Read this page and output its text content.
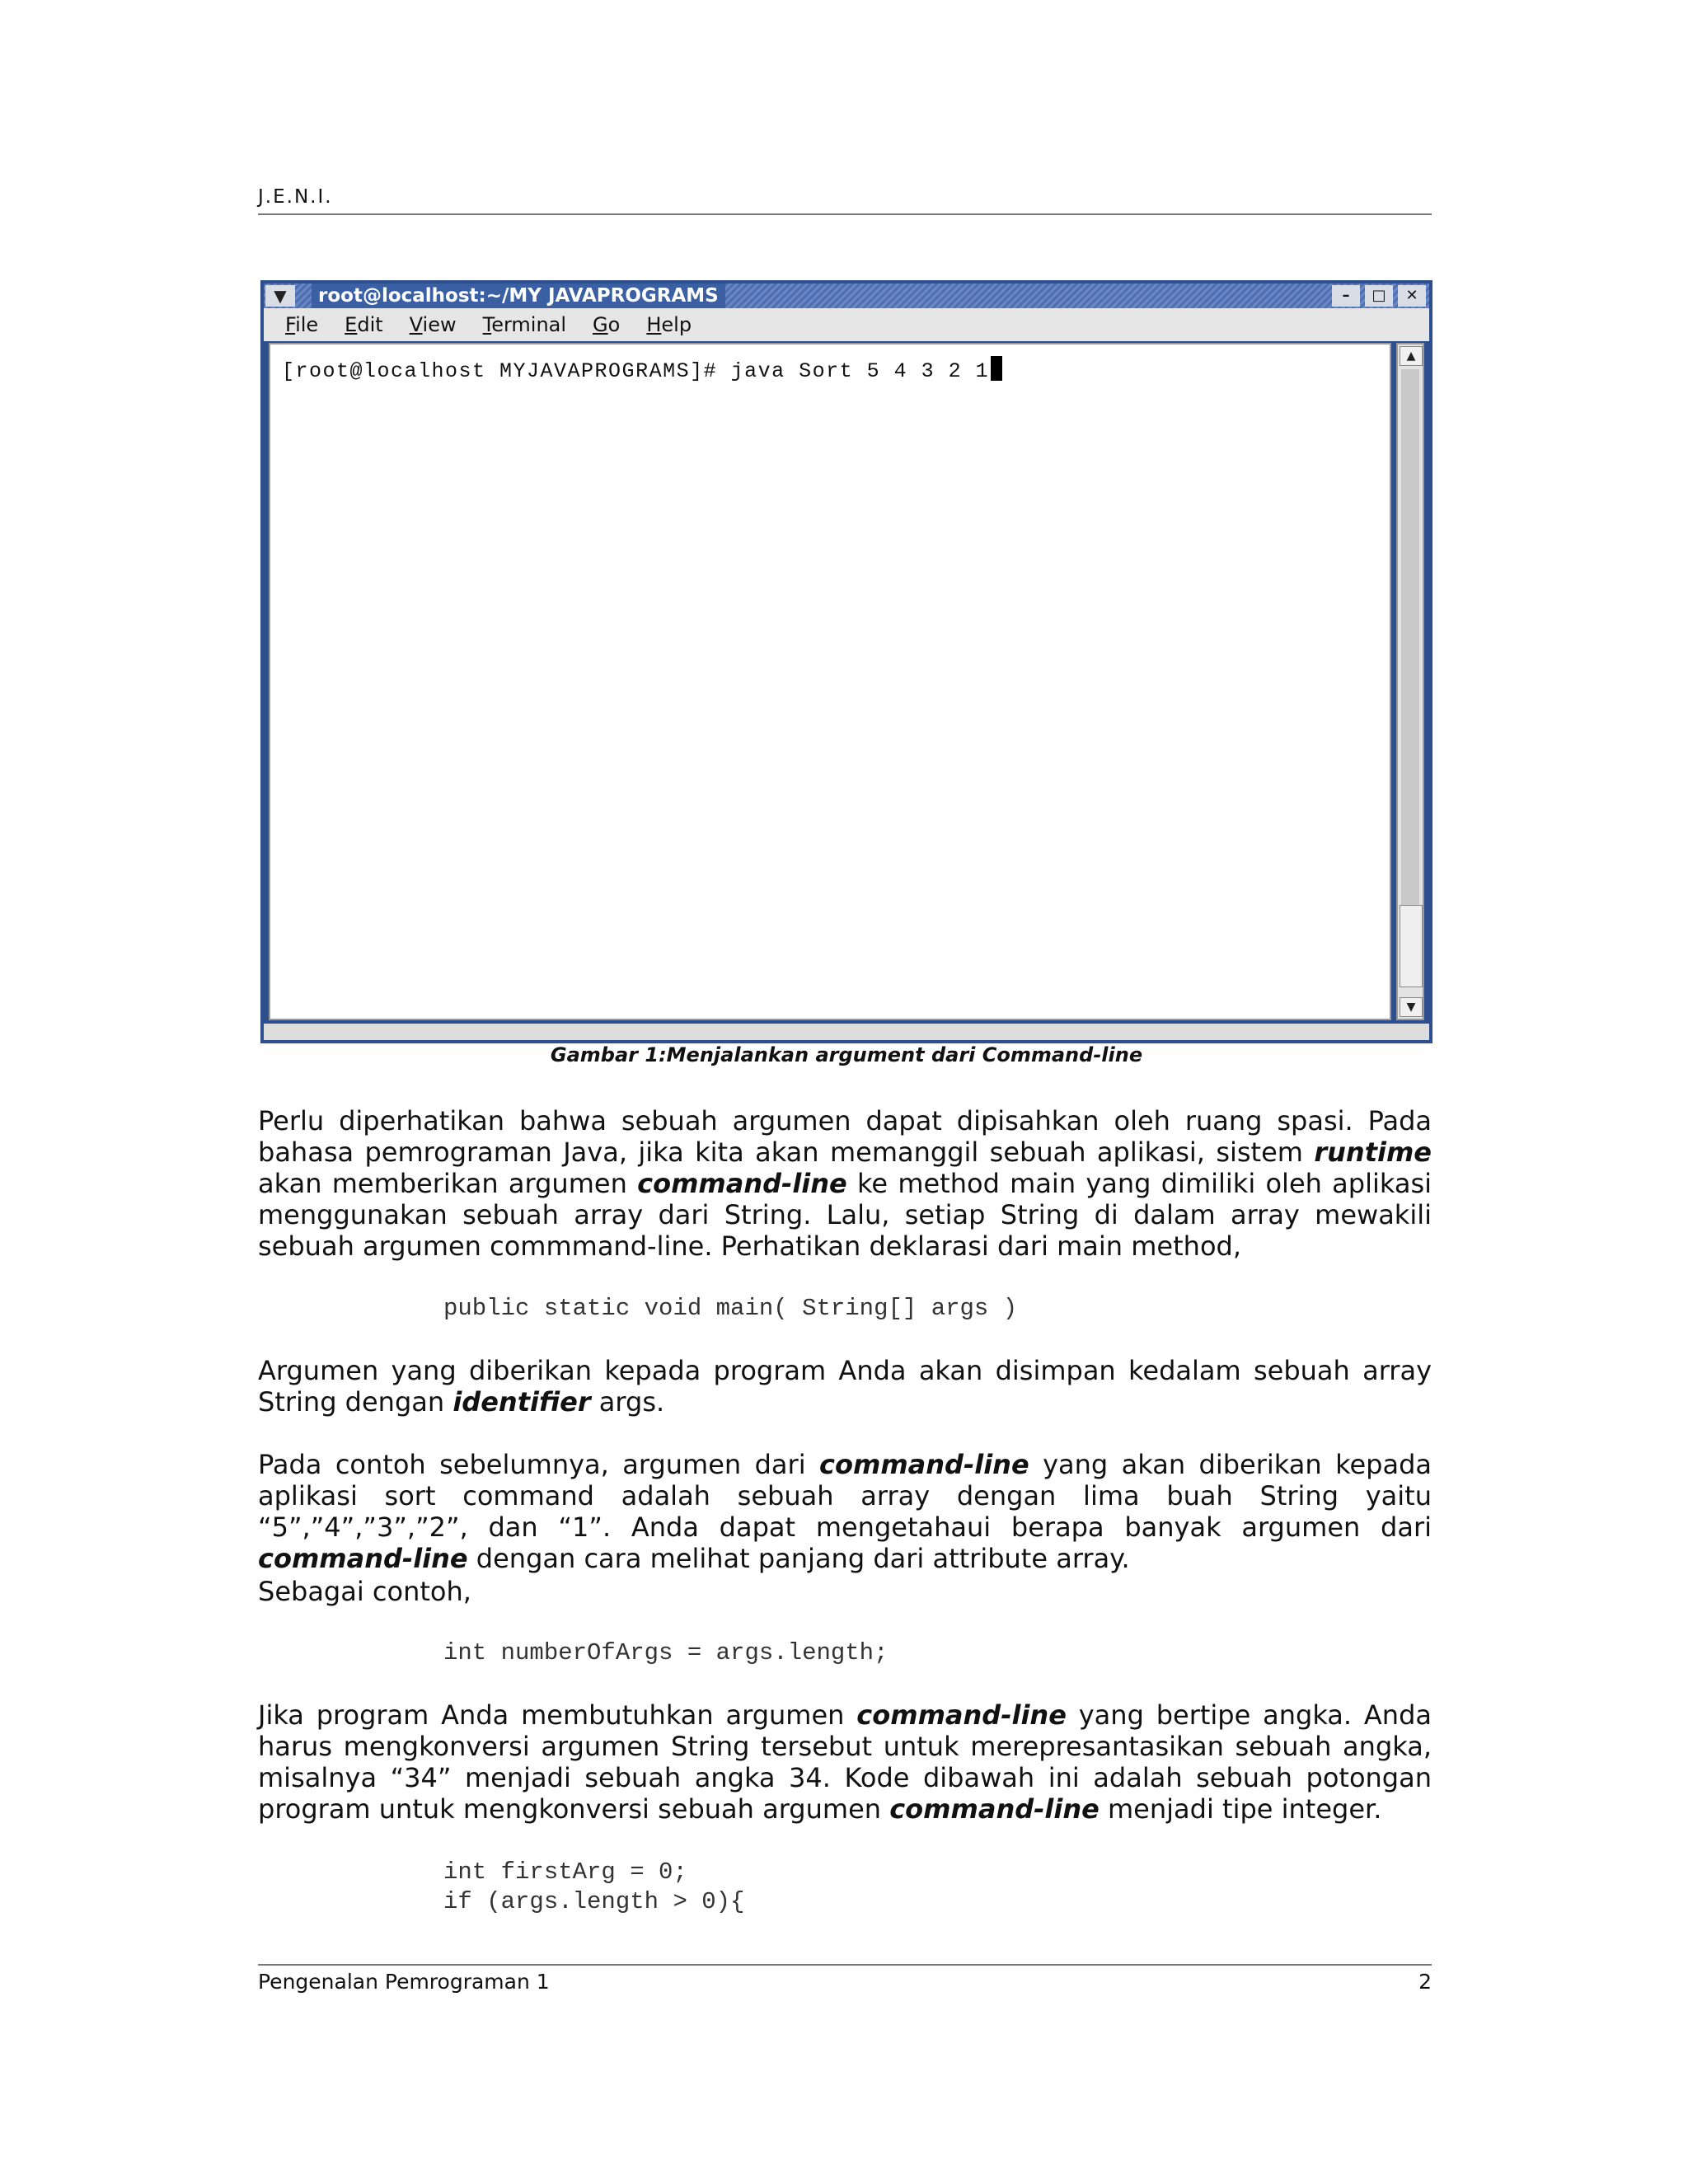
J.E.N.I.
▼	root@localhost:~/MY JAVAPROGRAMS	–	□	✕
File Edit View Terminal Go Help
[root@localhost MYJAVAPROGRAMS]# java Sort 5 4 3 2 1
▲
▼
Gambar 1:Menjalankan argument dari Command-line
Perlu diperhatikan bahwa sebuah argumen dapat dipisahkan oleh ruang spasi. Pada bahasa pemrograman Java, jika kita akan memanggil sebuah aplikasi, sistem runtime akan memberikan argumen command-line ke method main yang dimiliki oleh aplikasi menggunakan sebuah array dari String. Lalu, setiap String di dalam array mewakili sebuah argumen commmand-line. Perhatikan deklarasi dari main method,
public static void main( String[] args )
Argumen yang diberikan kepada program Anda akan disimpan kedalam sebuah array String dengan identifier args.
Pada contoh sebelumnya, argumen dari command-line yang akan diberikan kepada aplikasi sort command adalah sebuah array dengan lima buah String yaitu “5”,”4”,”3”,”2”, dan “1”. Anda dapat mengetahaui berapa banyak argumen dari command-line dengan cara melihat panjang dari attribute array.
Sebagai contoh,
int numberOfArgs = args.length;
Jika program Anda membutuhkan argumen command-line yang bertipe angka. Anda harus mengkonversi argumen String tersebut untuk merepresantasikan sebuah angka, misalnya “34” menjadi sebuah angka 34. Kode dibawah ini adalah sebuah potongan program untuk mengkonversi sebuah argumen command-line menjadi tipe integer.
int firstArg = 0;
if (args.length > 0){
Pengenalan Pemrograman 1	2
